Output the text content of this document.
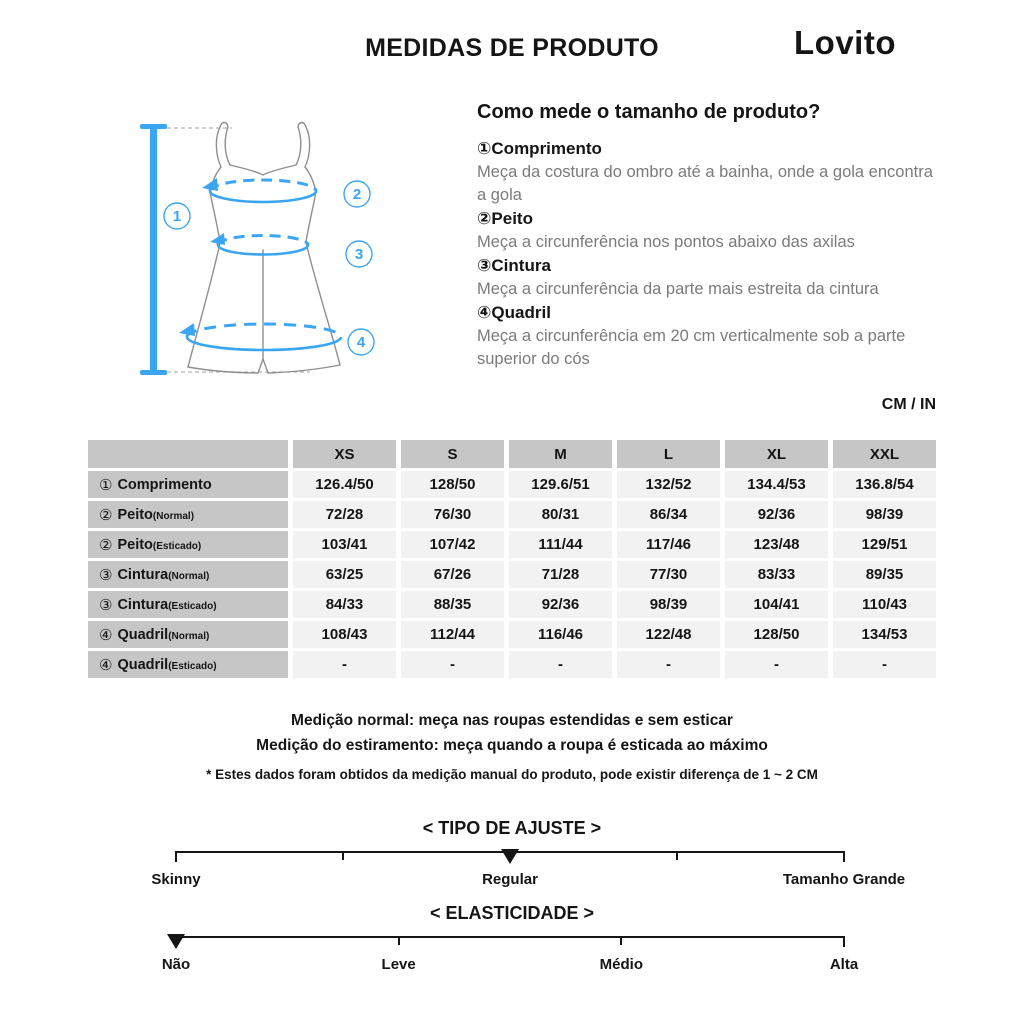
MEDIDAS DE PRODUTO	Lovito
1
2
3
4
Como mede o tamanho de produto?
①Comprimento
Meça da costura do ombro até a bainha, onde a gola encontra a gola
②Peito
Meça a circunferência nos pontos abaixo das axilas
③Cintura
Meça a circunferência da parte mais estreita da cintura
④Quadril
Meça a circunferência em 20 cm verticalmente sob a parte superior do cós
CM / IN
XS	S	M	L	XL	XXL
① Comprimento	126.4/50	128/50	129.6/51	132/52	134.4/53	136.8/54
② Peito (Normal)	72/28	76/30	80/31	86/34	92/36	98/39
② Peito (Esticado)	103/41	107/42	111/44	117/46	123/48	129/51
③ Cintura (Normal)	63/25	67/26	71/28	77/30	83/33	89/35
③ Cintura (Esticado)	84/33	88/35	92/36	98/39	104/41	110/43
④ Quadril (Normal)	108/43	112/44	116/46	122/48	128/50	134/53
④ Quadril (Esticado)	-	-	-	-	-	-
Medição normal: meça nas roupas estendidas e sem esticar
Medição do estiramento: meça quando a roupa é esticada ao máximo
* Estes dados foram obtidos da medição manual do produto, pode existir diferença de 1 ~ 2 CM
< TIPO DE AJUSTE >
Skinny	Regular	Tamanho Grande
< ELASTICIDADE >
Não	Leve	Médio	Alta
